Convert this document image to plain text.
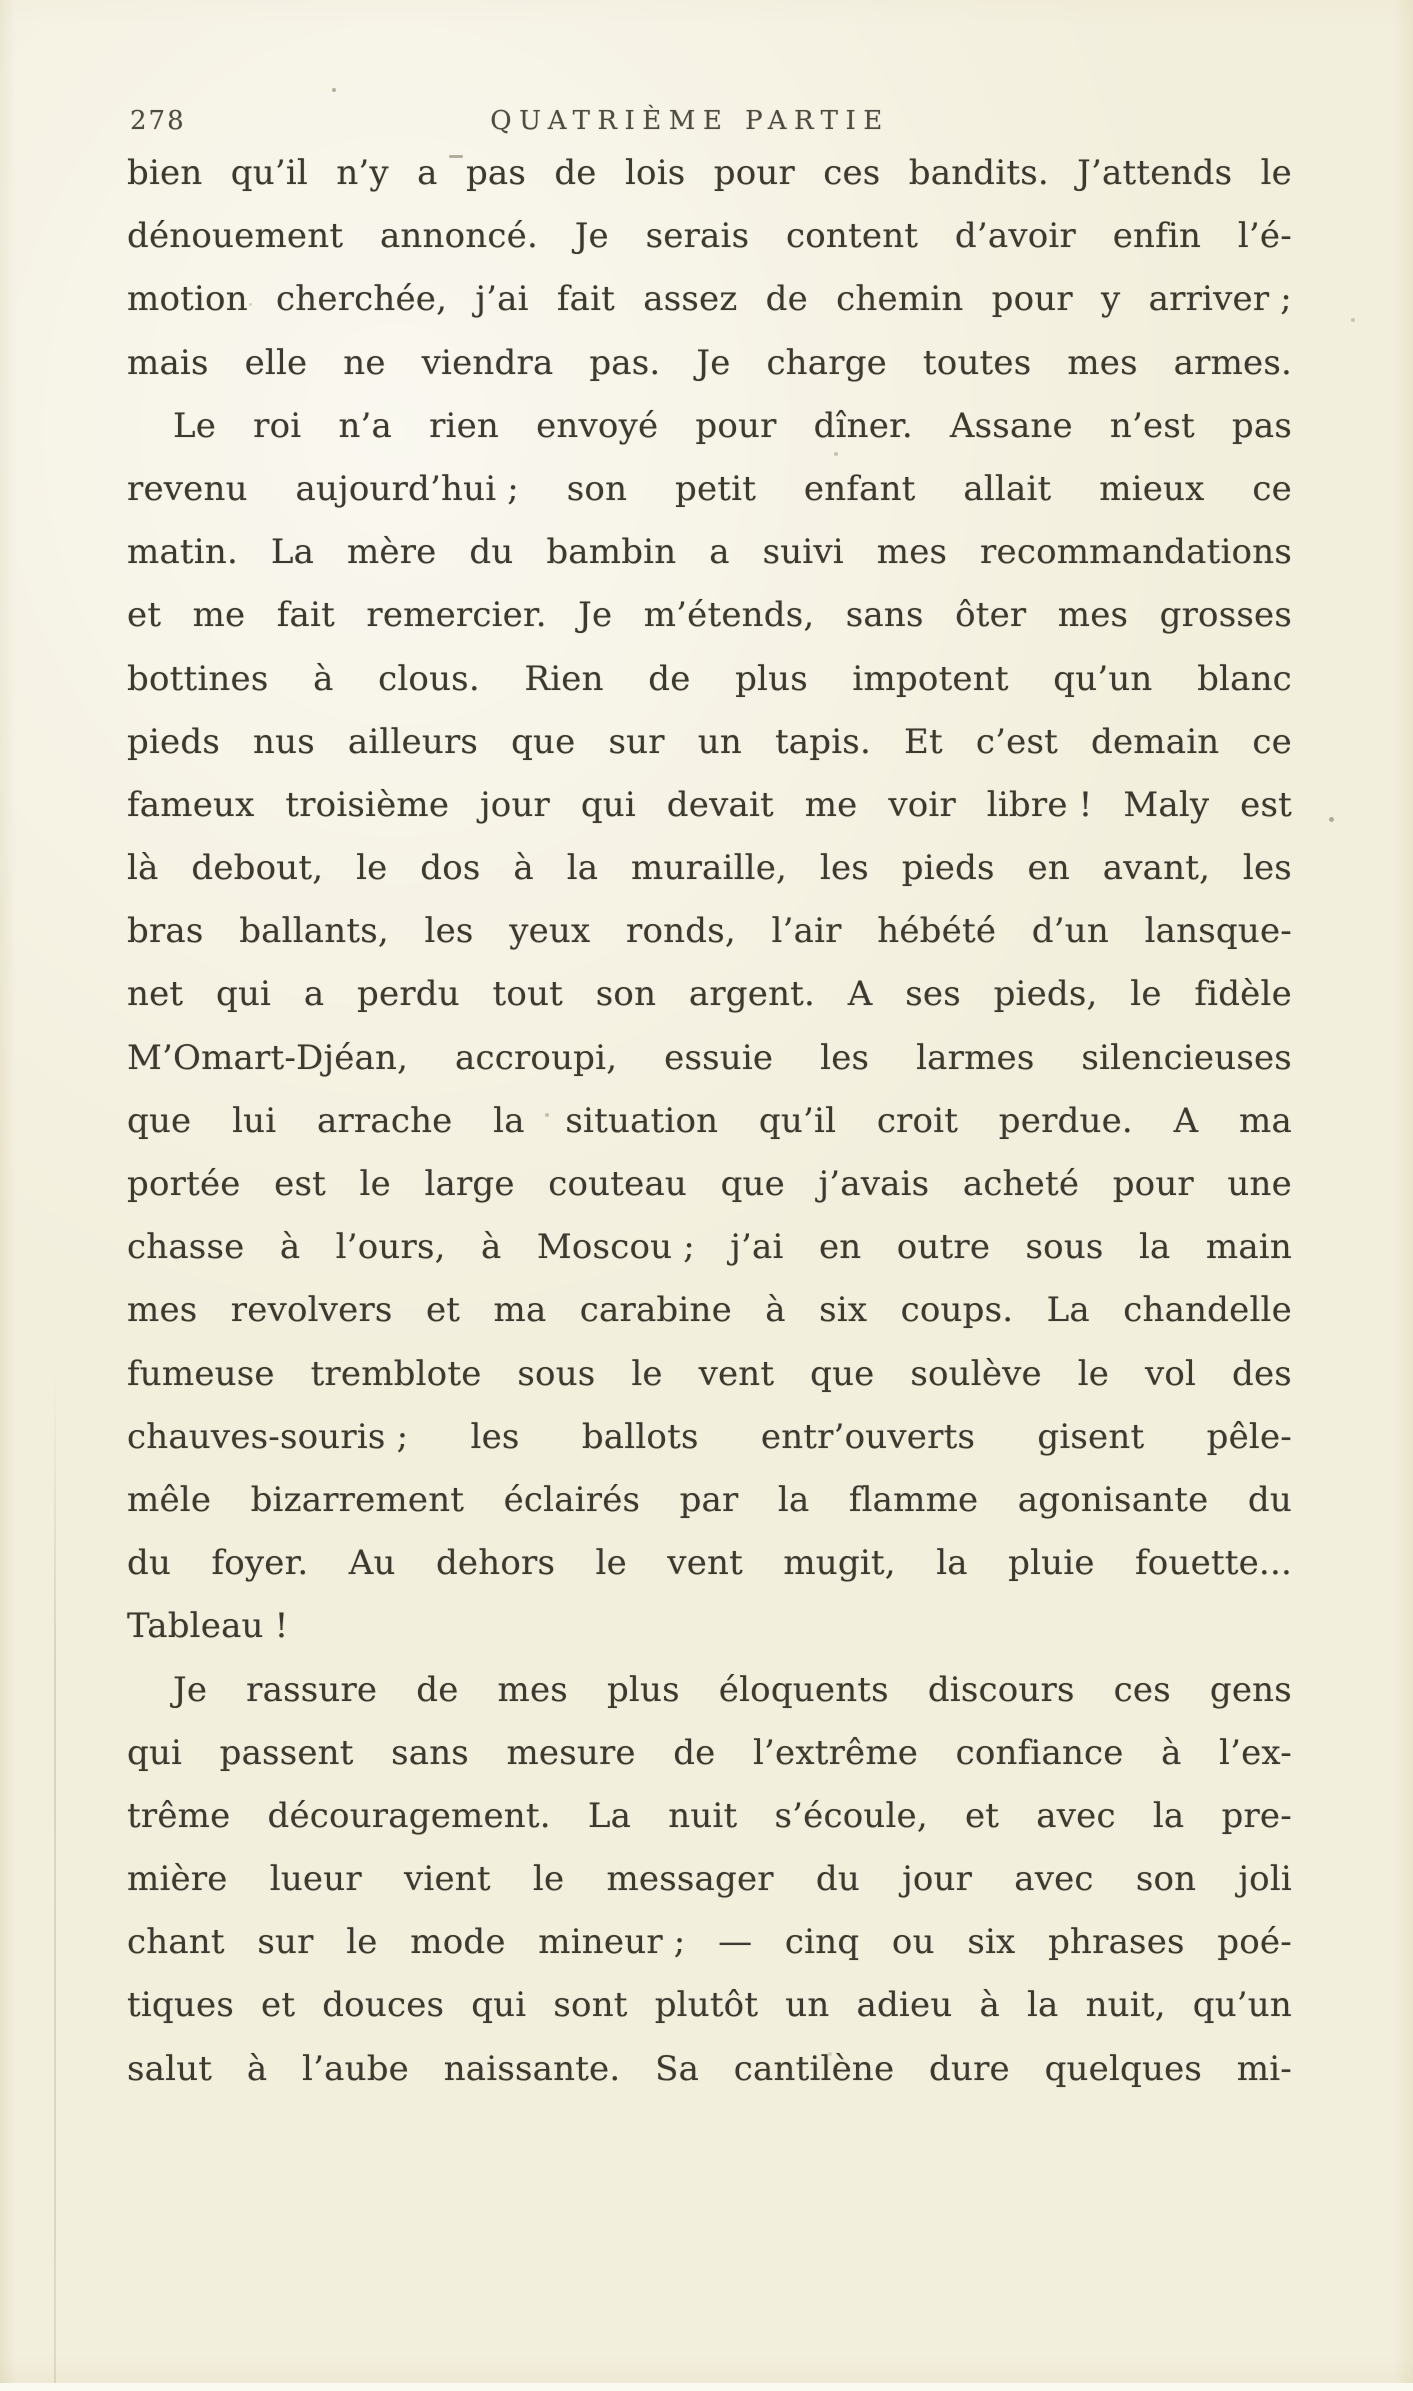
278	QUATRIÈME PARTIE
bien qu’il n’y a pas de lois pour ces bandits. J’attends le
dénouement annoncé. Je serais content d’avoir enfin l’é-
motion cherchée, j’ai fait assez de chemin pour y arriver ;
mais elle ne viendra pas. Je charge toutes mes armes.
Le roi n’a rien envoyé pour dîner. Assane n’est pas
revenu aujourd’hui ; son petit enfant allait mieux ce
matin. La mère du bambin a suivi mes recommandations
et me fait remercier. Je m’étends, sans ôter mes grosses
bottines à clous. Rien de plus impotent qu’un blanc
pieds nus ailleurs que sur un tapis. Et c’est demain ce
fameux troisième jour qui devait me voir libre ! Maly est
là debout, le dos à la muraille, les pieds en avant, les
bras ballants, les yeux ronds, l’air hébété d’un lansque-
net qui a perdu tout son argent. A ses pieds, le fidèle
M’Omart-Djéan, accroupi, essuie les larmes silencieuses
que lui arrache la situation qu’il croit perdue. A ma
portée est le large couteau que j’avais acheté pour une
chasse à l’ours, à Moscou ; j’ai en outre sous la main
mes revolvers et ma carabine à six coups. La chandelle
fumeuse tremblote sous le vent que soulève le vol des
chauves-souris ; les ballots entr’ouverts gisent pêle-
mêle bizarrement éclairés par la flamme agonisante du
du foyer. Au dehors le vent mugit, la pluie fouette...
Tableau !
Je rassure de mes plus éloquents discours ces gens
qui passent sans mesure de l’extrême confiance à l’ex-
trême découragement. La nuit s’écoule, et avec la pre-
mière lueur vient le messager du jour avec son joli
chant sur le mode mineur ; — cinq ou six phrases poé-
tiques et douces qui sont plutôt un adieu à la nuit, qu’un
salut à l’aube naissante. Sa cantilène dure quelques mi-
